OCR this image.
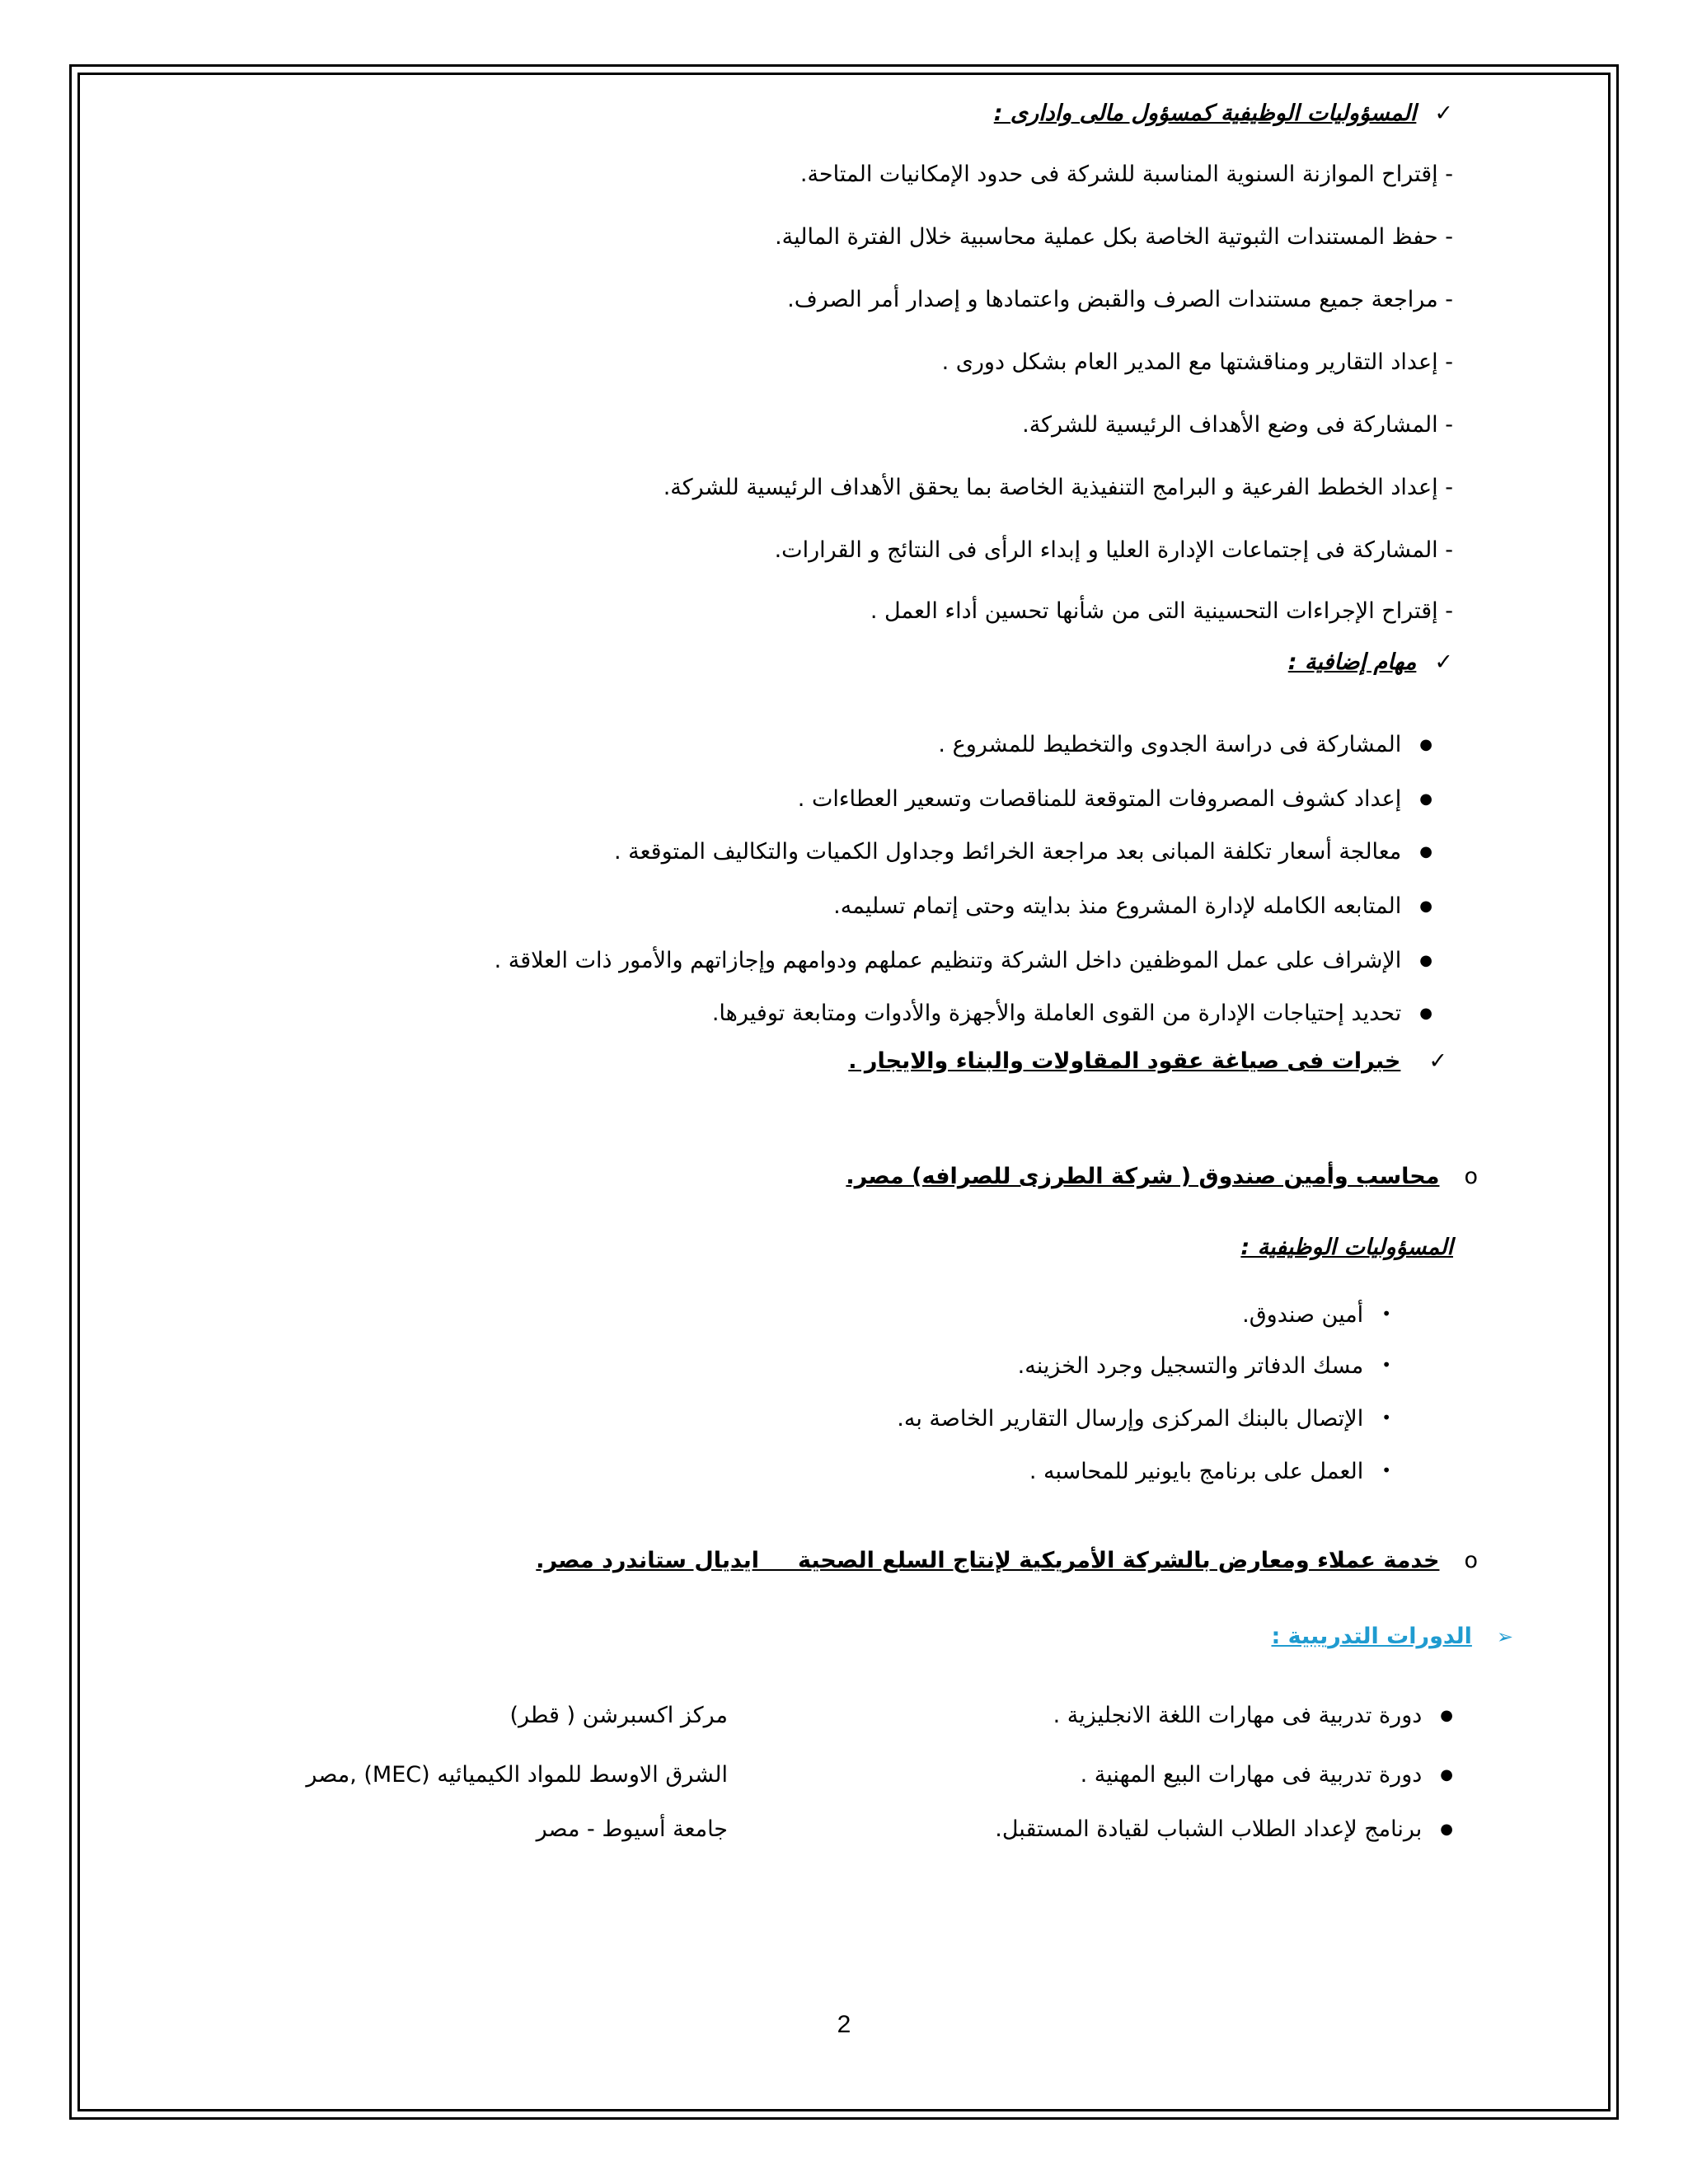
✓المسؤوليات الوظيفية كمسؤول مالى وادارى :
- إقتراح الموازنة السنوية المناسبة للشركة فى حدود الإمكانيات المتاحة.
- حفظ المستندات الثبوتية الخاصة بكل عملية محاسبية خلال الفترة المالية.
- مراجعة جميع مستندات الصرف والقبض واعتمادها و إصدار أمر الصرف.
- إعداد التقارير ومناقشتها مع المدير العام بشكل دورى .
- المشاركة فى وضع الأهداف الرئيسية للشركة.
- إعداد الخطط الفرعية و البرامج التنفيذية الخاصة بما يحقق الأهداف الرئيسية للشركة.
- المشاركة فى إجتماعات الإدارة العليا و إبداء الرأى فى النتائج و القرارات.
- إقتراح الإجراءات التحسينية التى من شأنها تحسين أداء العمل .
✓مهام إضافية :
●المشاركة فى دراسة الجدوى والتخطيط للمشروع .
●إعداد كشوف المصروفات المتوقعة للمناقصات وتسعير العطاءات .
●معالجة أسعار تكلفة المبانى بعد مراجعة الخرائط وجداول الكميات والتكاليف المتوقعة .
●المتابعه الكامله لإدارة المشروع منذ بدايته وحتى إتمام تسليمه.
●الإشراف على عمل الموظفين داخل الشركة وتنظيم عملهم ودوامهم وإجازاتهم والأمور ذات العلاقة .
●تحديد إحتياجات الإدارة من القوى العاملة والأجهزة والأدوات ومتابعة توفيرها.
✓خبرات فى صياغة عقود المقاولات والبناء والايجار .
oمحاسب وأمين صندوق ( شركة الطرزى للصرافه) مصر.
المسؤوليات الوظيفية :
•أمين صندوق.
•مسك الدفاتر والتسجيل وجرد الخزينه.
•الإتصال بالبنك المركزى وإرسال التقارير الخاصة به.
•العمل على برنامج بايونير للمحاسبه .
oخدمة عملاء ومعارض بالشركة الأمريكية لإنتاج السلع الصحية     ايديال ستاندرد مصر.
➢الدورات التدريبية :
●دورة تدربية فى مهارات اللغة الانجليزية .
مركز اكسبرشن ( قطر)
●دورة تدربية فى مهارات البيع المهنية .
الشرق الاوسط للمواد الكيميائيه (MEC) ,مصر
●برنامج لإعداد الطلاب الشباب لقيادة المستقبل.
جامعة أسيوط - مصر
2
